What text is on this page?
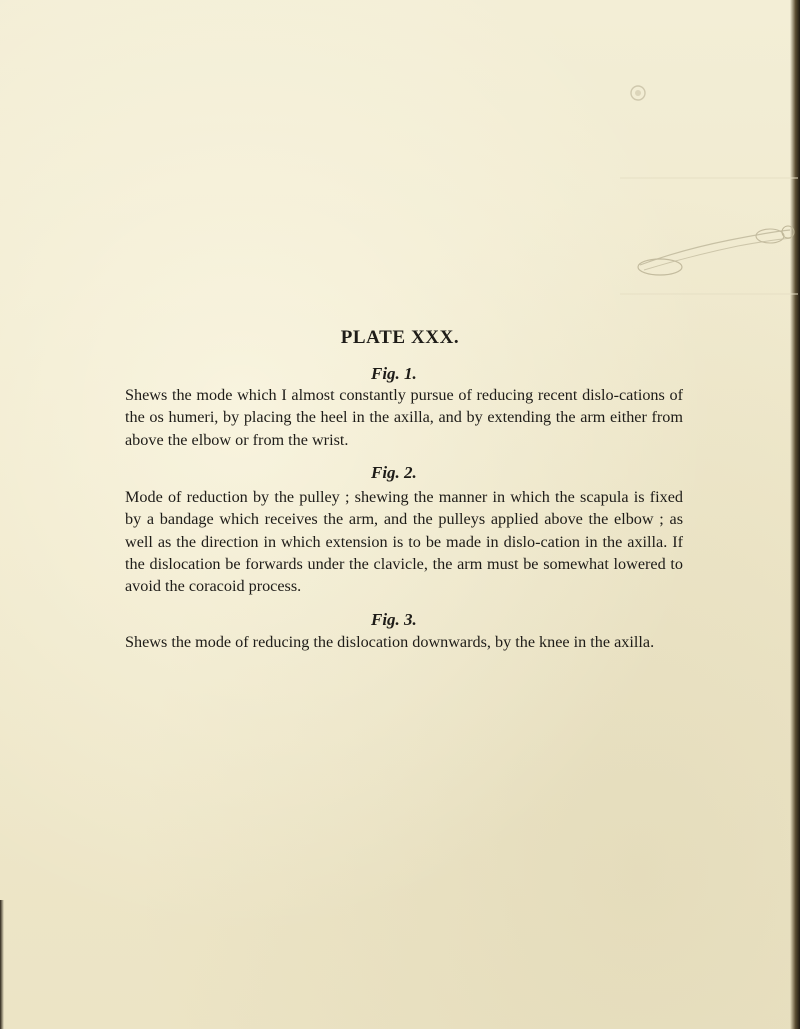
PLATE XXX.

Fig. 1.

Shews the mode which I almost constantly pursue of reducing recent dislo-cations of the os humeri, by placing the heel in the axilla, and by extending the arm either from above the elbow or from the wrist.

Fig. 2.

Mode of reduction by the pulley ; shewing the manner in which the scapula is fixed by a bandage which receives the arm, and the pulleys applied above the elbow ; as well as the direction in which extension is to be made in dislo-cation in the axilla. If the dislocation be forwards under the clavicle, the arm must be somewhat lowered to avoid the coracoid process.

Fig. 3.

Shews the mode of reducing the dislocation downwards, by the knee in the axilla.
